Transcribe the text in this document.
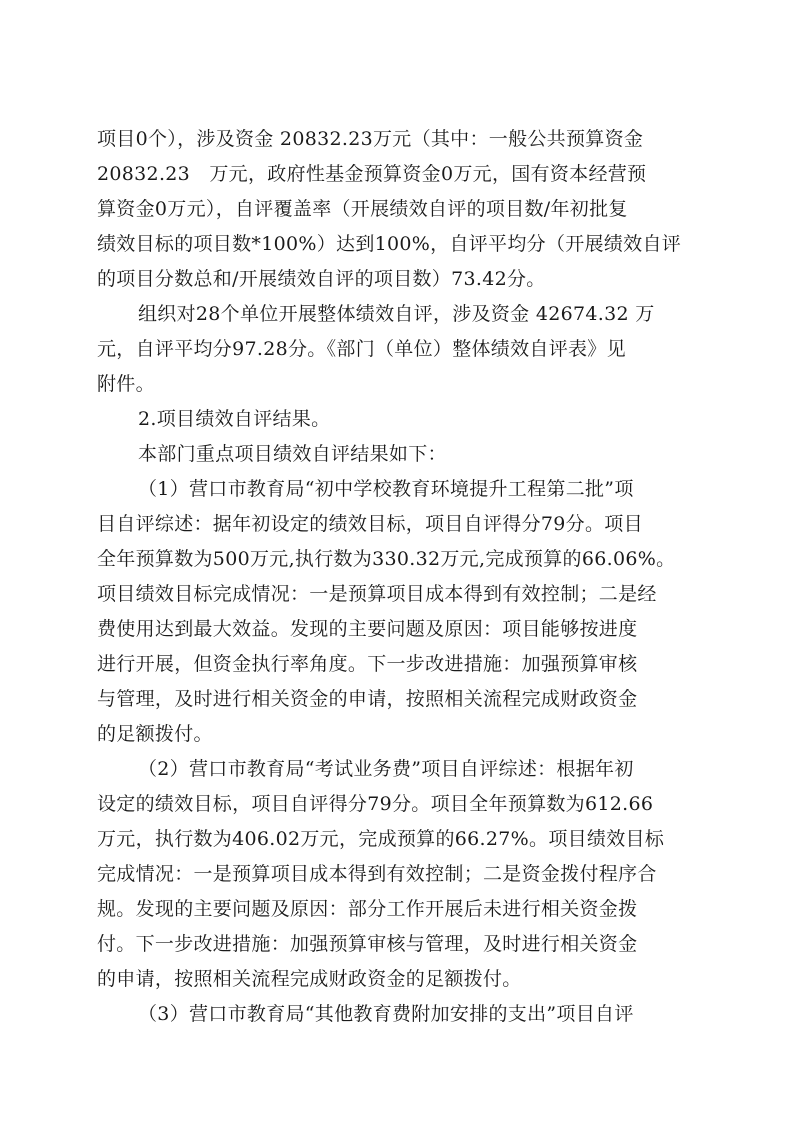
项目0个），涉及资金 20832.23万元（其中：一般公共预算资金
20832.23　万元，政府性基金预算资金0万元，国有资本经营预
算资金0万元），自评覆盖率（开展绩效自评的项目数/年初批复
绩效目标的项目数*100%）达到100%，自评平均分（开展绩效自评
的项目分数总和/开展绩效自评的项目数）73.42分。
组织对28个单位开展整体绩效自评，涉及资金 42674.32 万
元，自评平均分97.28分。《部门（单位）整体绩效自评表》见
附件。
2.项目绩效自评结果。
本部门重点项目绩效自评结果如下：
（1）营口市教育局“初中学校教育环境提升工程第二批”项
目自评综述：据年初设定的绩效目标，项目自评得分79分。项目
全年预算数为500万元,执行数为330.32万元,完成预算的66.06%。
项目绩效目标完成情况：一是预算项目成本得到有效控制；二是经
费使用达到最大效益。发现的主要问题及原因：项目能够按进度
进行开展，但资金执行率角度。下一步改进措施：加强预算审核
与管理，及时进行相关资金的申请，按照相关流程完成财政资金
的足额拨付。
（2）营口市教育局“考试业务费”项目自评综述：根据年初
设定的绩效目标，项目自评得分79分。项目全年预算数为612.66
万元，执行数为406.02万元，完成预算的66.27%。项目绩效目标
完成情况：一是预算项目成本得到有效控制；二是资金拨付程序合
规。发现的主要问题及原因：部分工作开展后未进行相关资金拨
付。下一步改进措施：加强预算审核与管理，及时进行相关资金
的申请，按照相关流程完成财政资金的足额拨付。
（3）营口市教育局“其他教育费附加安排的支出”项目自评
